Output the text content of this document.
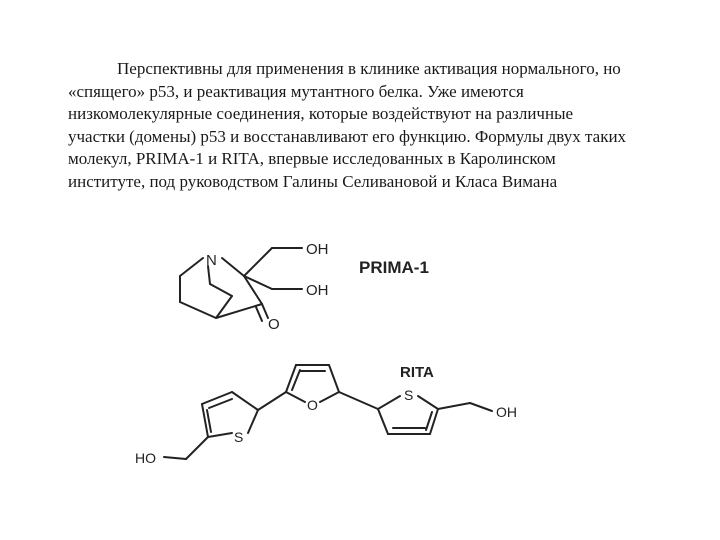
Перспективны для применения в клинике активация нормального, но
«спящего» p53, и реактивация мутантного белка. Уже имеются
низкомолекулярные соединения, которые воздействуют на различные
участки (домены) p53 и восстанавливают его функцию. Формулы двух таких
молекул, PRIMA-1 и RITA, впервые исследованных в Каролинском
институте, под руководством Галины Селивановой и Класа Вимана
N
OH
OH
O
PRIMA-1
S
O
S
HO
OH
RITA
